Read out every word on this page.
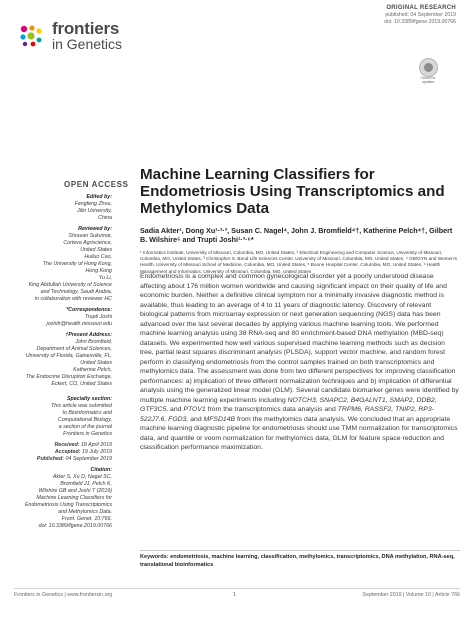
frontiers
in Genetics
ORIGINAL RESEARCH
published: 04 September 2019
doi: 10.3389/fgene.2019.00766
Check for updates
OPEN ACCESS

Edited by:

Fengfeng Zhou,

Jilin University,

China

Reviewed by:

Shravan Sukumar,

Corteva Agriscience,

United States

Huiluo Cao,

The University of Hong Kong,

Hong Kong

Yu Li,

King Abdullah University of Science

and Technology, Saudi Arabia,

in collaboration with reviewer HC

*Correspondence:

Trupti Joshi

joshitr@health.missouri.edu

†Present Address:

John Bromfield,

Department of Animal Sciences,

University of Florida, Gainesville, FL,

United States

Katherine Pelch,

The Endocrine Disruption Exchange,

Eckert, CO, United States

Specialty section:

This article was submitted

to Bioinformatics and

Computational Biology,

a section of the journal

Frontiers in Genetics

Received: 18 April 2019

Accepted: 19 July 2019

Published: 04 September 2019

Citation:

Akter S, Xu D, Nagel SC,

Bromfield JJ, Pelch K,

Wilshire GB and Joshi T (2019)

Machine Learning Classifiers for

Endometriosis Using Transcriptomics

and Methylomics Data.

Front. Genet. 10:766.

doi: 10.3389/fgene.2019.00766

Machine Learning Classifiers for Endometriosis Using Transcriptomics and Methylomics Data
Sadia Akter¹, Dong Xu¹·²·³, Susan C. Nagel⁴, John J. Bromfield⁴†, Katherine Pelch⁴†, Gilbert B. Wilshire⁵ and Trupti Joshi¹·³·⁶*
¹ Informatics Institute, University of Missouri, Columbia, MO, United States, ² Electrical Engineering and Computer Science, University of Missouri, Columbia, MO, United States, ³ Christopher S. Bond Life Sciences Center, University of Missouri, Columbia, MO, United States, ⁴ OB/GYN and Women's Health, University of Missouri School of Medicine, Columbia, MO, United States, ⁵ Boone Hospital Center, Columbia, MO, United States, ⁶ Health Management and Informatics, University of Missouri, Columbia, MO, United States
Endometriosis is a complex and common gynecological disorder yet a poorly understood disease affecting about 176 million women worldwide and causing significant impact on their quality of life and economic burden. Neither a definitive clinical symptom nor a minimally invasive diagnostic method is available, thus leading to an average of 4 to 11 years of diagnostic latency. Discovery of relevant biological patterns from microarray expression or next generation sequencing (NGS) data has been advanced over the last several decades by applying various machine learning tools. We performed machine learning analysis using 38 RNA-seq and 80 enrichment-based DNA methylation (MBD-seq) datasets. We experimented how well various supervised machine learning methods such as decision tree, partial least squares discriminant analysis (PLSDA), support vector machine, and random forest perform in classifying endometriosis from the control samples trained on both transcriptomics and methylomics data. The assessment was done from two different perspectives for improving classification performances: a) implication of three different normalization techniques and b) implication of differential analysis using the generalized linear model (GLM). Several candidate biomarker genes were identified by multiple machine learning experiments including NOTCH3, SNAPC2, B4GALNT1, SMAP2, DDB2, GTF3C5, and PTOV1 from the transcriptomics data analysis and TRPM6, RASSF2, TNIP2, RP3-522J7.6, FGD3, and MFSD14B from the methylomics data analysis. We concluded that an appropriate machine learning diagnostic pipeline for endometriosis should use TMM normalization for transcriptomics data, and quantile or voom normalization for methylomics data, GLM for feature space reduction and classification performance maximization.
Keywords: endometriosis, machine learning, classification, methylomics, transcriptomics, DNA methylation, RNA-seq, translational bioinformatics
Frontiers in Genetics | www.frontiersin.org	1	September 2019 | Volume 10 | Article 766
